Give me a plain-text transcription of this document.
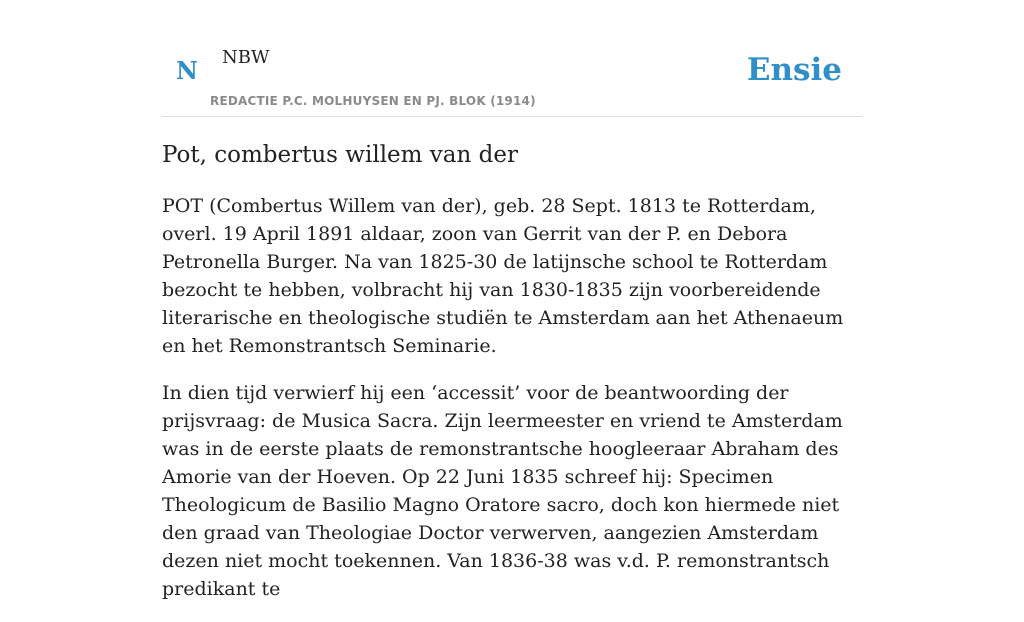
N NBW
REDACTIE P.C. MOLHUYSEN EN PJ. BLOK (1914)
Ensie
Pot, combertus willem van der

POT (Combertus Willem van der), geb. 28 Sept. 1813 te Rotterdam, overl. 19 April 1891 aldaar, zoon van Gerrit van der P. en Debora Petronella Burger. Na van 1825-30 de latijnsche school te Rotterdam bezocht te hebben, volbracht hij van 1830-1835 zijn voorbereidende literarische en theologische studiën te Amsterdam aan het Athenaeum en het Remonstrantsch Seminarie.

In dien tijd verwierf hij een ‘accessit’ voor de beantwoording der prijsvraag: de Musica Sacra. Zijn leermeester en vriend te Amsterdam was in de eerste plaats de remonstrantsche hoogleeraar Abraham des Amorie van der Hoeven. Op 22 Juni 1835 schreef hij: Specimen Theologicum de Basilio Magno Oratore sacro, doch kon hiermede niet den graad van Theologiae Doctor verwerven, aangezien Amsterdam dezen niet mocht toekennen. Van 1836-38 was v.d. P. remonstrantsch predikant te
